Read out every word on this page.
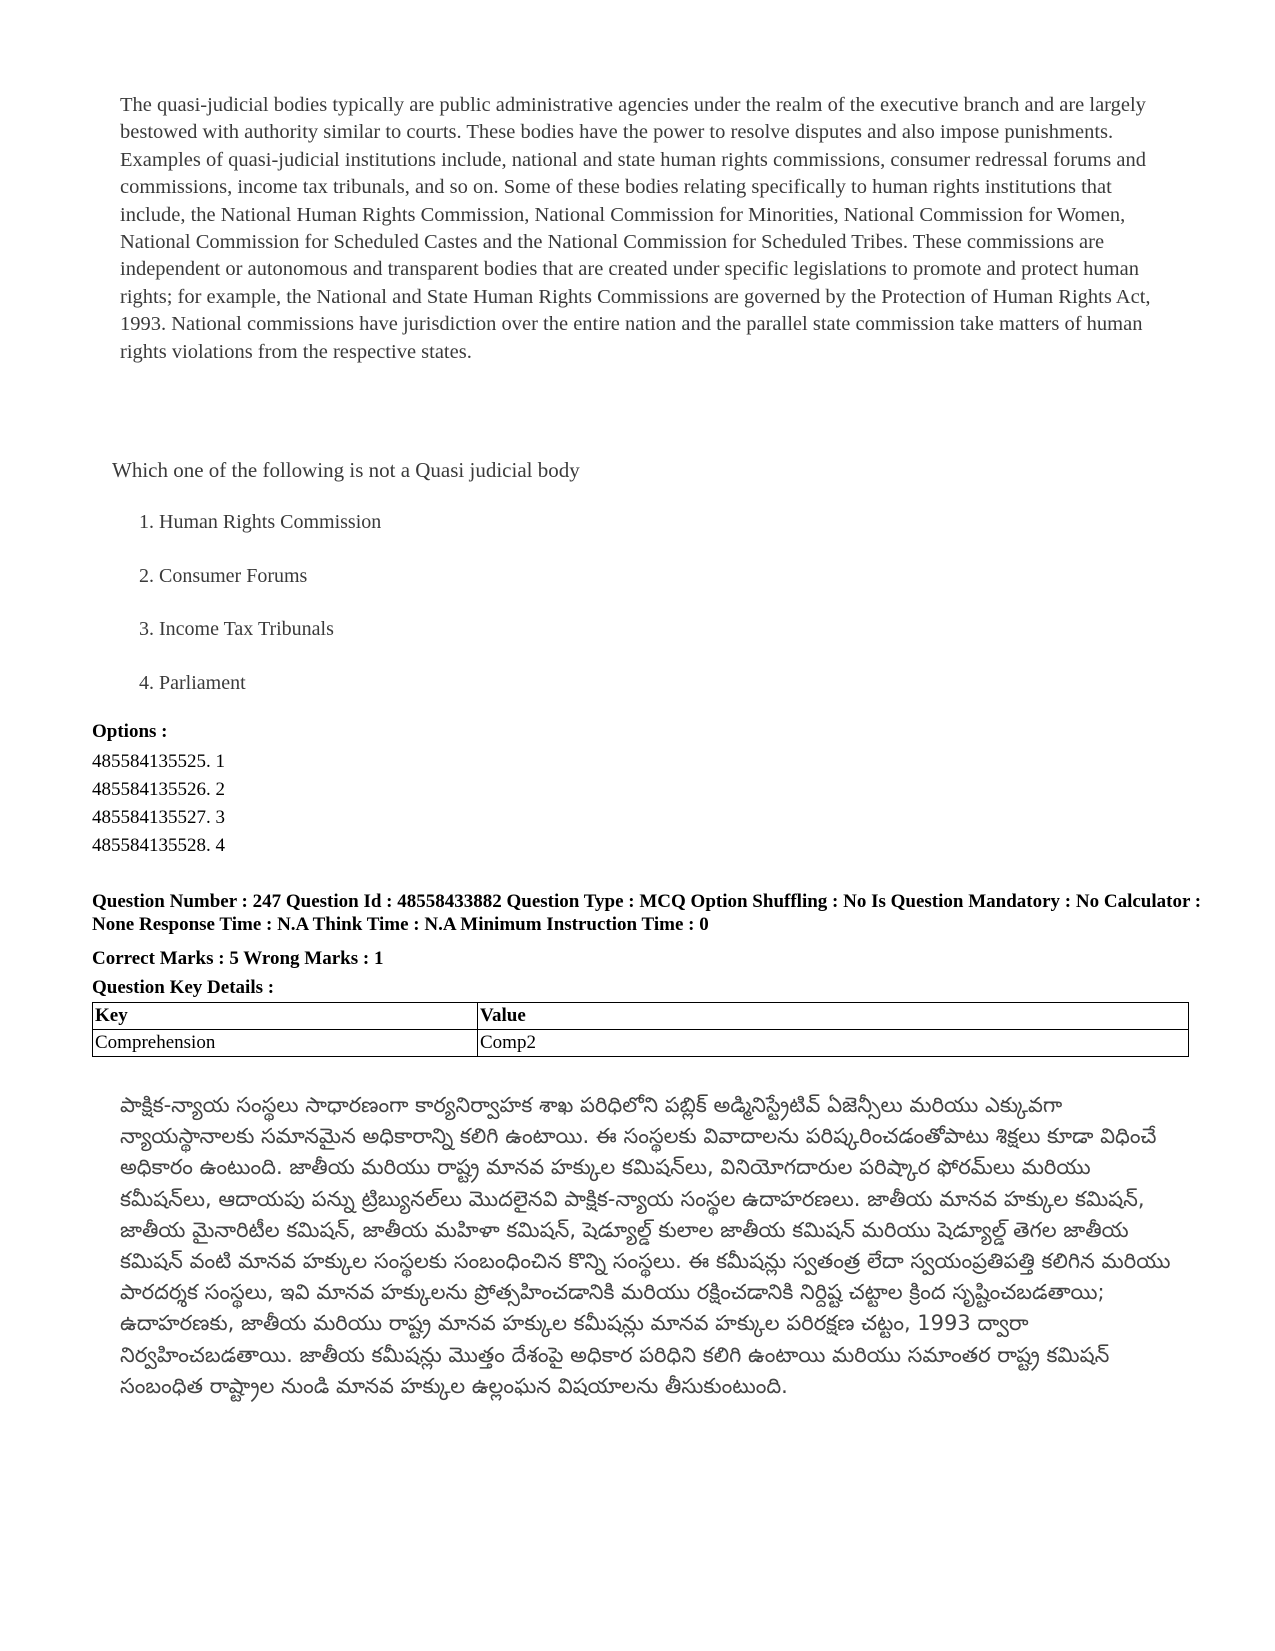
The quasi-judicial bodies typically are public administrative agencies under the realm of the executive branch and are largely bestowed with authority similar to courts. These bodies have the power to resolve disputes and also impose punishments. Examples of quasi-judicial institutions include, national and state human rights commissions, consumer redressal forums and commissions, income tax tribunals, and so on. Some of these bodies relating specifically to human rights institutions that include, the National Human Rights Commission, National Commission for Minorities, National Commission for Women, National Commission for Scheduled Castes and the National Commission for Scheduled Tribes. These commissions are independent or autonomous and transparent bodies that are created under specific legislations to promote and protect human rights; for example, the National and State Human Rights Commissions are governed by the Protection of Human Rights Act, 1993. National commissions have jurisdiction over the entire nation and the parallel state commission take matters of human rights violations from the respective states.

Which one of the following is not a Quasi judicial body

1. Human Rights Commission
2. Consumer Forums
3. Income Tax Tribunals
4. Parliament
Options :
485584135525. 1
485584135526. 2
485584135527. 3
485584135528. 4
Question Number : 247 Question Id : 48558433882 Question Type : MCQ Option Shuffling : No Is Question Mandatory : No Calculator : None Response Time : N.A Think Time : N.A Minimum Instruction Time : 0
Correct Marks : 5 Wrong Marks : 1
Question Key Details :
Key	Value
Comprehension	Comp2

పాక్షిక-న్యాయ సంస్థలు సాధారణంగా కార్యనిర్వాహక శాఖ పరిధిలోని పబ్లిక్ అడ్మినిస్ట్రేటివ్ ఏజెన్సీలు మరియు ఎక్కువగా న్యాయస్థానాలకు సమానమైన అధికారాన్ని కలిగి ఉంటాయి. ఈ సంస్థలకు వివాదాలను పరిష్కరించడంతోపాటు శిక్షలు కూడా విధించే అధికారం ఉంటుంది. జాతీయ మరియు రాష్ట్ర మానవ హక్కుల కమిషన్‌లు, వినియోగదారుల పరిష్కార ఫోరమ్‌లు మరియు కమీషన్‌లు, ఆదాయపు పన్ను ట్రిబ్యునల్‌లు మొదలైనవి పాక్షిక-న్యాయ సంస్థల ఉదాహరణలు. జాతీయ మానవ హక్కుల కమిషన్, జాతీయ మైనారిటీల కమిషన్, జాతీయ మహిళా కమిషన్, షెడ్యూల్డ్ కులాల జాతీయ కమిషన్ మరియు షెడ్యూల్డ్ తెగల జాతీయ కమిషన్ వంటి మానవ హక్కుల సంస్థలకు సంబంధించిన కొన్ని సంస్థలు. ఈ కమీషన్లు స్వతంత్ర లేదా స్వయంప్రతిపత్తి కలిగిన మరియు పారదర్శక సంస్థలు, ఇవి మానవ హక్కులను ప్రోత్సహించడానికి మరియు రక్షించడానికి నిర్దిష్ట చట్టాల క్రింద సృష్టించబడతాయి; ఉదాహరణకు, జాతీయ మరియు రాష్ట్ర మానవ హక్కుల కమీషన్లు మానవ హక్కుల పరిరక్షణ చట్టం, 1993 ద్వారా నిర్వహించబడతాయి. జాతీయ కమీషన్లు మొత్తం దేశంపై అధికార పరిధిని కలిగి ఉంటాయి మరియు సమాంతర రాష్ట్ర కమిషన్ సంబంధిత రాష్ట్రాల నుండి మానవ హక్కుల ఉల్లంఘన విషయాలను తీసుకుంటుంది.
